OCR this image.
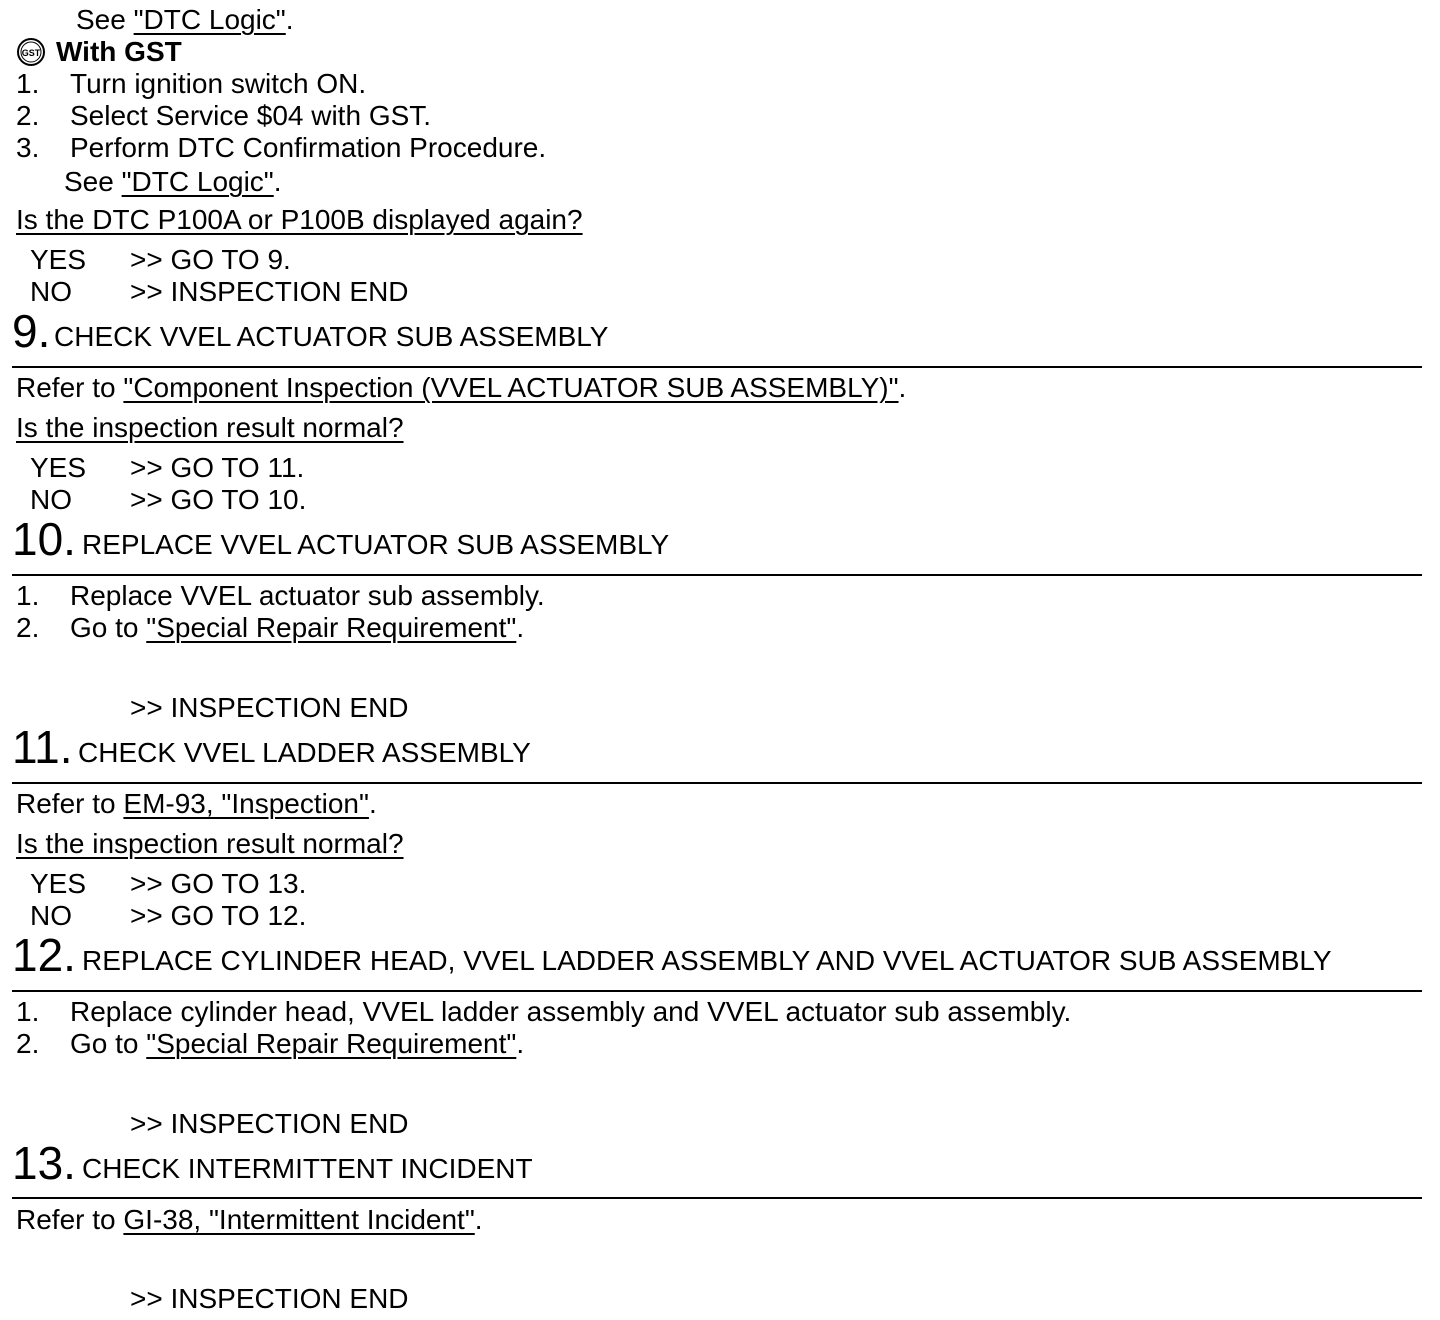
See "DTC Logic".
GST With GST
1. Turn ignition switch ON.
2. Select Service $04 with GST.
3. Perform DTC Confirmation Procedure.
See "DTC Logic".
Is the DTC P100A or P100B displayed again?
YES >> GO TO 9.
NO >> INSPECTION END
9. CHECK VVEL ACTUATOR SUB ASSEMBLY
Refer to "Component Inspection (VVEL ACTUATOR SUB ASSEMBLY)".
Is the inspection result normal?
YES >> GO TO 11.
NO >> GO TO 10.
10. REPLACE VVEL ACTUATOR SUB ASSEMBLY
1. Replace VVEL actuator sub assembly.
2. Go to "Special Repair Requirement".
>> INSPECTION END
11. CHECK VVEL LADDER ASSEMBLY
Refer to EM-93, "Inspection".
Is the inspection result normal?
YES >> GO TO 13.
NO >> GO TO 12.
12. REPLACE CYLINDER HEAD, VVEL LADDER ASSEMBLY AND VVEL ACTUATOR SUB ASSEMBLY
1. Replace cylinder head, VVEL ladder assembly and VVEL actuator sub assembly.
2. Go to "Special Repair Requirement".
>> INSPECTION END
13. CHECK INTERMITTENT INCIDENT
Refer to GI-38, "Intermittent Incident".
>> INSPECTION END
